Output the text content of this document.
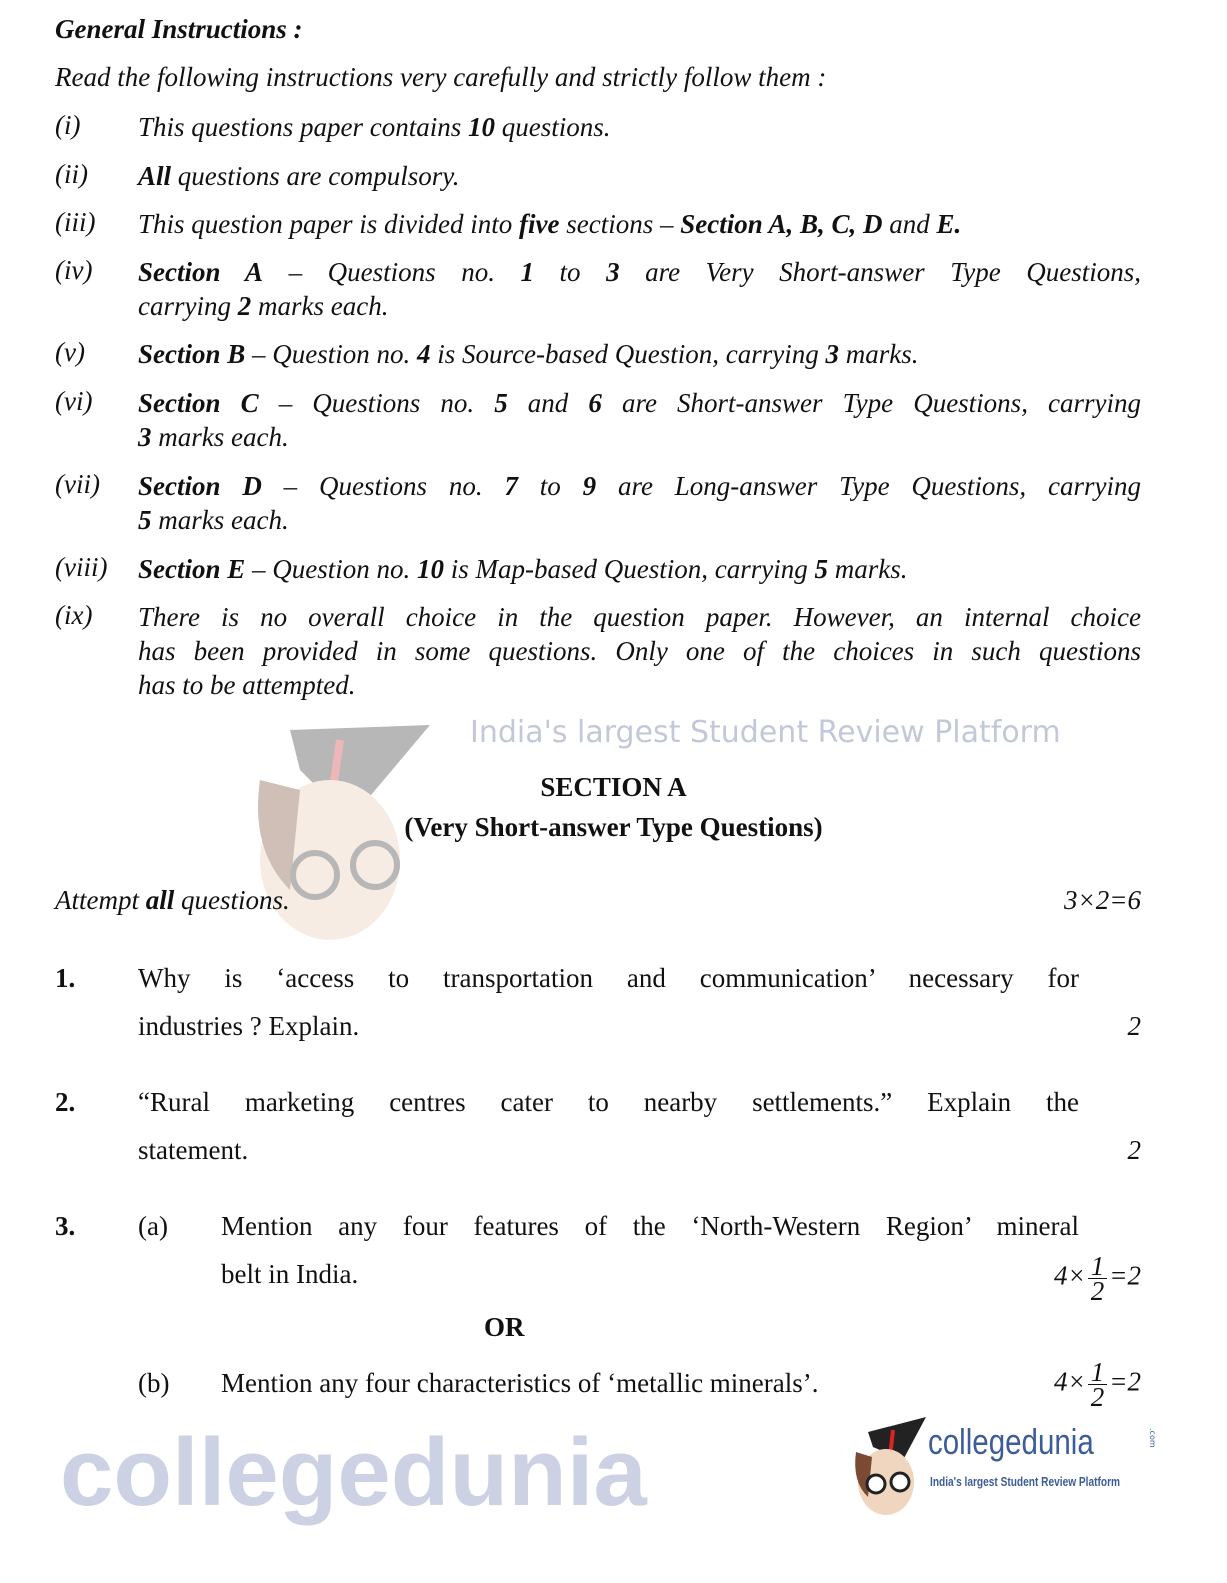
collegedunia
India's largest Student Review Platform
General Instructions :
Read the following instructions very carefully and strictly follow them :
(i) This questions paper contains 10 questions.
(ii) All questions are compulsory.
(iii) This question paper is divided into five sections – Section A, B, C, D and E.
(iv) Section A – Questions no. 1 to 3 are Very Short-answer Type Questions,
carrying 2 marks each.
(v) Section B – Question no. 4 is Source-based Question, carrying 3 marks.
(vi) Section C – Questions no. 5 and 6 are Short-answer Type Questions, carrying
3 marks each.
(vii) Section D – Questions no. 7 to 9 are Long-answer Type Questions, carrying
5 marks each.
(viii) Section E – Question no. 10 is Map-based Question, carrying 5 marks.
(ix) There is no overall choice in the question paper. However, an internal choice
has been provided in some questions. Only one of the choices in such questions
has to be attempted.
SECTION A
(Very Short-answer Type Questions)
Attempt all questions.	3×2=6
1. Why is ‘access to transportation and communication’ necessary for
industries ? Explain.	2
2. “Rural marketing centres cater to nearby settlements.” Explain the
statement.	2
3. (a) Mention any four features of the ‘North-Western Region’ mineral
belt in India.	$4\times \frac{1}{2} =2$
OR
(b) Mention any four characteristics of ‘metallic minerals’.	$4\times \frac{1}{2} =2$
collegedunia	.com
India's largest Student Review Platform
